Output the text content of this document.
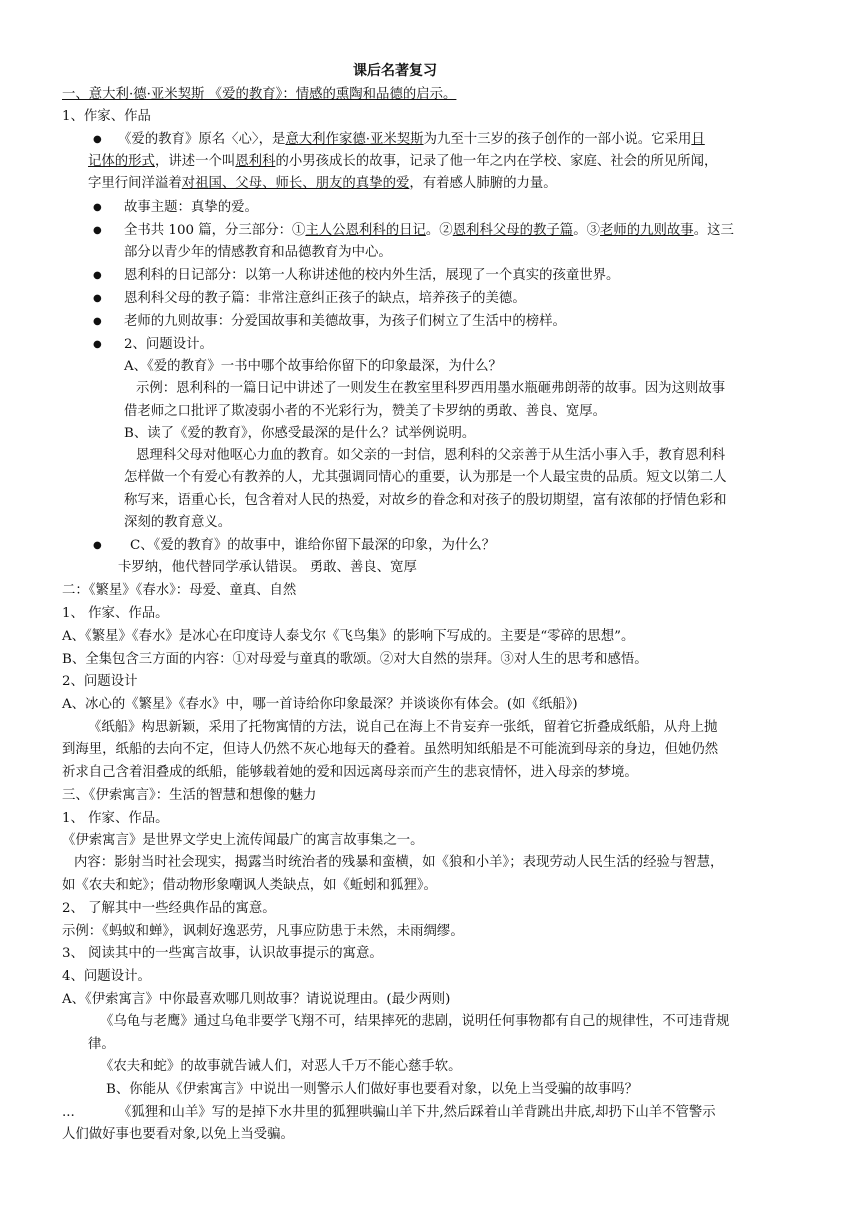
课后名著复习
一、意大利·德·亚米契斯 《爱的教育》：情感的熏陶和品德的启示。
1、作家、作品
● 《爱的教育》原名〈心〉，是意大利作家德·亚米契斯为九至十三岁的孩子创作的一部小说。它采用日
记体的形式，讲述一个叫恩利科的小男孩成长的故事，记录了他一年之内在学校、家庭、社会的所见所闻，
字里行间洋溢着对祖国、父母、师长、朋友的真挚的爱，有着感人肺腑的力量。
● 故事主题：真挚的爱。
● 全书共 100 篇，分三部分：①主人公恩利科的日记。②恩利科父母的教子篇。③老师的九则故事。这三
部分以青少年的情感教育和品德教育为中心。
● 恩利科的日记部分：以第一人称讲述他的校内外生活，展现了一个真实的孩童世界。
● 恩利科父母的教子篇：非常注意纠正孩子的缺点，培养孩子的美德。
● 老师的九则故事：分爱国故事和美德故事，为孩子们树立了生活中的榜样。
● 2、问题设计。
A、《爱的教育》一书中哪个故事给你留下的印象最深，为什么？
示例：恩利科的一篇日记中讲述了一则发生在教室里科罗西用墨水瓶砸弗朗蒂的故事。因为这则故事
借老师之口批评了欺凌弱小者的不光彩行为，赞美了卡罗纳的勇敢、善良、宽厚。
B、读了《爱的教育》，你感受最深的是什么？试举例说明。
恩理科父母对他呕心力血的教育。如父亲的一封信，恩利科的父亲善于从生活小事入手，教育恩利科
怎样做一个有爱心有教养的人，尤其强调同情心的重要，认为那是一个人最宝贵的品质。短文以第二人
称写来，语重心长，包含着对人民的热爱，对故乡的眷念和对孩子的殷切期望，富有浓郁的抒情色彩和
深刻的教育意义。
● C、《爱的教育》的故事中，谁给你留下最深的印象，为什么？
卡罗纳，他代替同学承认错误。 勇敢、善良、宽厚
二：《繁星》《春水》：母爱、童真、自然
1、 作家、作品。
A、《繁星》《春水》是冰心在印度诗人泰戈尔《飞鸟集》的影响下写成的。主要是“零碎的思想”。
B、全集包含三方面的内容：①对母爱与童真的歌颂。②对大自然的崇拜。③对人生的思考和感悟。
2、问题设计
A、冰心的《繁星》《春水》中，哪一首诗给你印象最深？并谈谈你有体会。(如《纸船》)
《纸船》构思新颖，采用了托物寓情的方法，说自己在海上不肯妄弃一张纸，留着它折叠成纸船，从舟上抛
到海里，纸船的去向不定，但诗人仍然不灰心地每天的叠着。虽然明知纸船是不可能流到母亲的身边，但她仍然
祈求自己含着泪叠成的纸船，能够载着她的爱和因远离母亲而产生的悲哀情怀，进入母亲的梦境。
三、《伊索寓言》：生活的智慧和想像的魅力
1、 作家、作品。
《伊索寓言》是世界文学史上流传闻最广的寓言故事集之一。
内容：影射当时社会现实，揭露当时统治者的残暴和蛮横，如《狼和小羊》；表现劳动人民生活的经验与智慧，
如《农夫和蛇》；借动物形象嘲讽人类缺点，如《蚯蚓和狐狸》。
2、 了解其中一些经典作品的寓意。
示例：《蚂蚁和蝉》，讽刺好逸恶劳，凡事应防患于未然，未雨绸缪。
3、 阅读其中的一些寓言故事，认识故事提示的寓意。
4、问题设计。
A、《伊索寓言》中你最喜欢哪几则故事？请说说理由。(最少两则)
《乌龟与老鹰》通过乌龟非要学飞翔不可，结果摔死的悲剧，说明任何事物都有自己的规律性，不可违背规
律。
《农夫和蛇》的故事就告诫人们，对恶人千万不能心慈手软。
B、你能从《伊索寓言》中说出一则警示人们做好事也要看对象，以免上当受骗的故事吗？
...	《狐狸和山羊》写的是掉下水井里的狐狸哄骗山羊下井,然后踩着山羊背跳出井底,却扔下山羊不管警示
人们做好事也要看对象,以免上当受骗。
